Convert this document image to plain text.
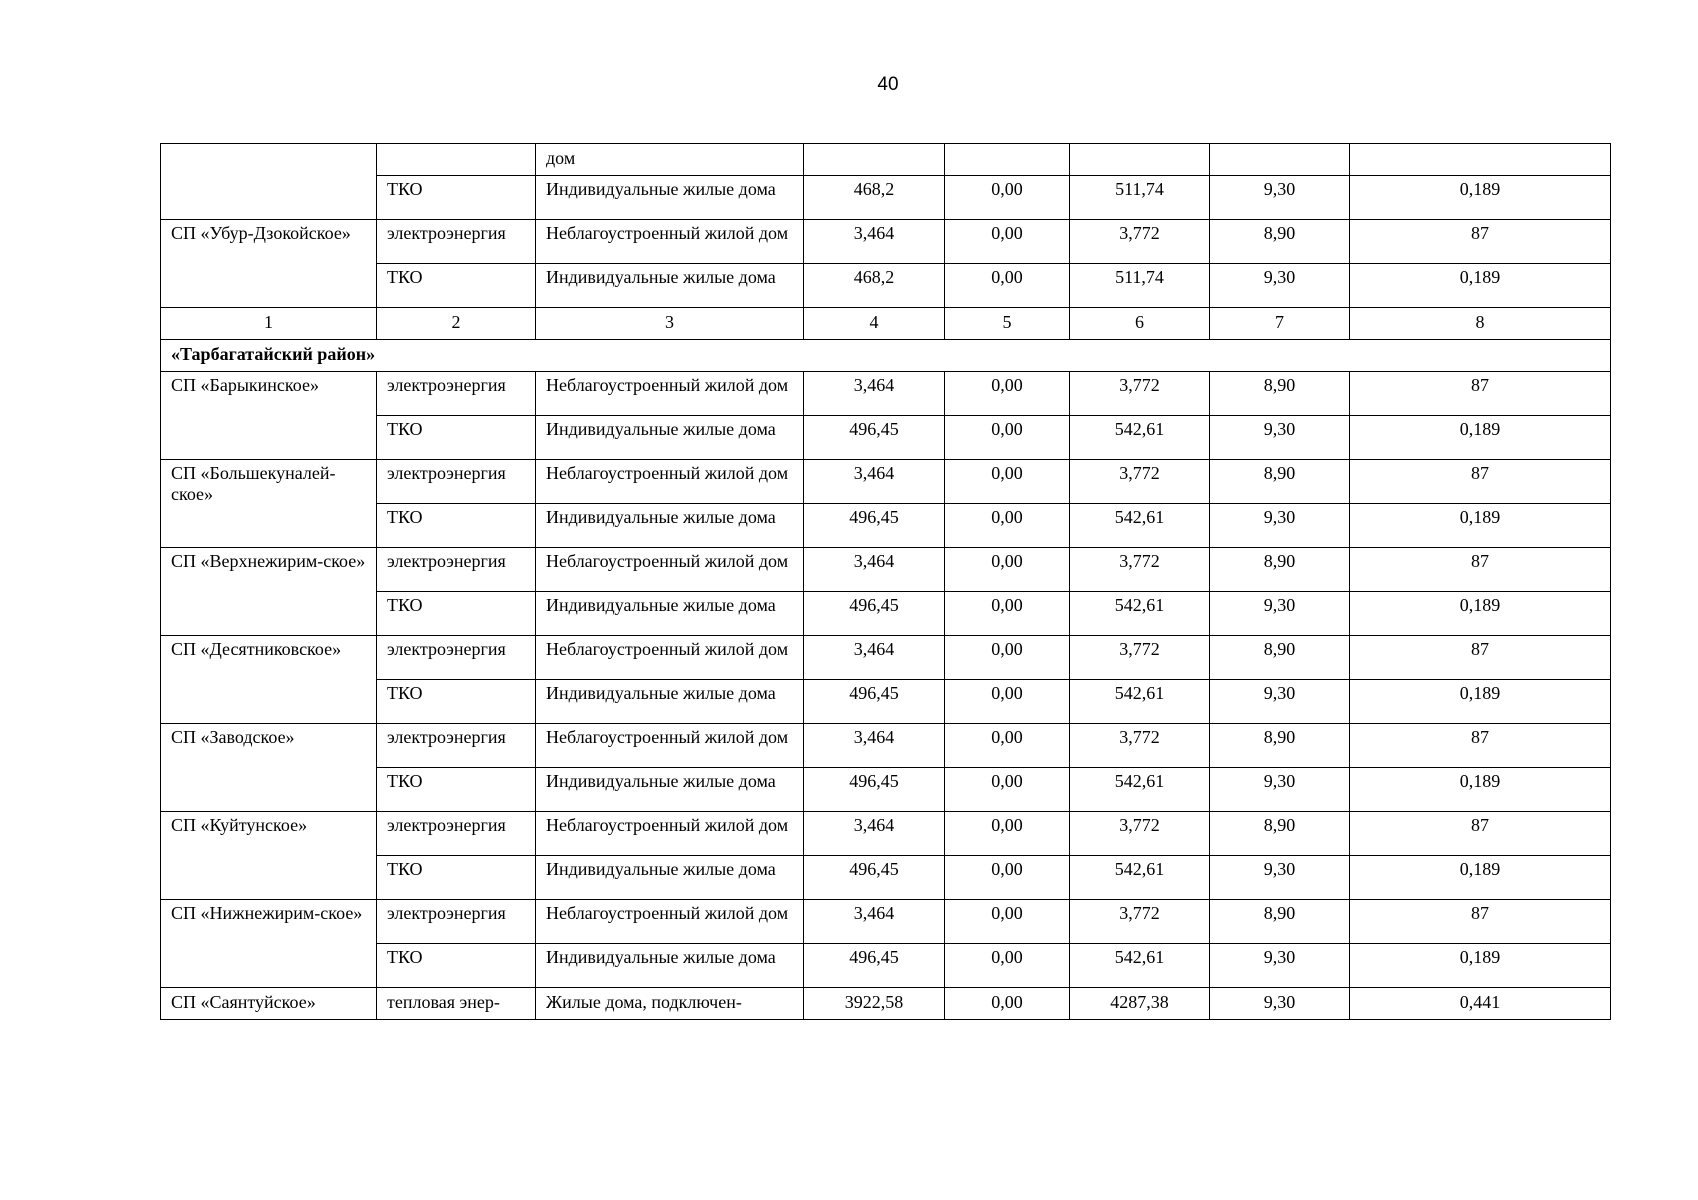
40
		дом					
	ТКО	Индивидуальные жилые дома	468,2	0,00	511,74	9,30	0,189
СП «Убур-Дзокойское»	электроэнергия	Неблагоустроенный жилой дом	3,464	0,00	3,772	8,90	87
	ТКО	Индивидуальные жилые дома	468,2	0,00	511,74	9,30	0,189
1	2	3	4	5	6	7	8
«Тарбагатайский район»							
СП «Барыкинское»	электроэнергия	Неблагоустроенный жилой дом	3,464	0,00	3,772	8,90	87
	ТКО	Индивидуальные жилые дома	496,45	0,00	542,61	9,30	0,189
СП «Большекуналей-ское»	электроэнергия	Неблагоустроенный жилой дом	3,464	0,00	3,772	8,90	87
	ТКО	Индивидуальные жилые дома	496,45	0,00	542,61	9,30	0,189
СП «Верхнежирим-ское»	электроэнергия	Неблагоустроенный жилой дом	3,464	0,00	3,772	8,90	87
	ТКО	Индивидуальные жилые дома	496,45	0,00	542,61	9,30	0,189
СП «Десятниковское»	электроэнергия	Неблагоустроенный жилой дом	3,464	0,00	3,772	8,90	87
	ТКО	Индивидуальные жилые дома	496,45	0,00	542,61	9,30	0,189
СП «Заводское»	электроэнергия	Неблагоустроенный жилой дом	3,464	0,00	3,772	8,90	87
	ТКО	Индивидуальные жилые дома	496,45	0,00	542,61	9,30	0,189
СП «Куйтунское»	электроэнергия	Неблагоустроенный жилой дом	3,464	0,00	3,772	8,90	87
	ТКО	Индивидуальные жилые дома	496,45	0,00	542,61	9,30	0,189
СП «Нижнежирим-ское»	электроэнергия	Неблагоустроенный жилой дом	3,464	0,00	3,772	8,90	87
	ТКО	Индивидуальные жилые дома	496,45	0,00	542,61	9,30	0,189
СП «Саянтуйское»	тепловая энер-	Жилые дома, подключен-	3922,58	0,00	4287,38	9,30	0,441
